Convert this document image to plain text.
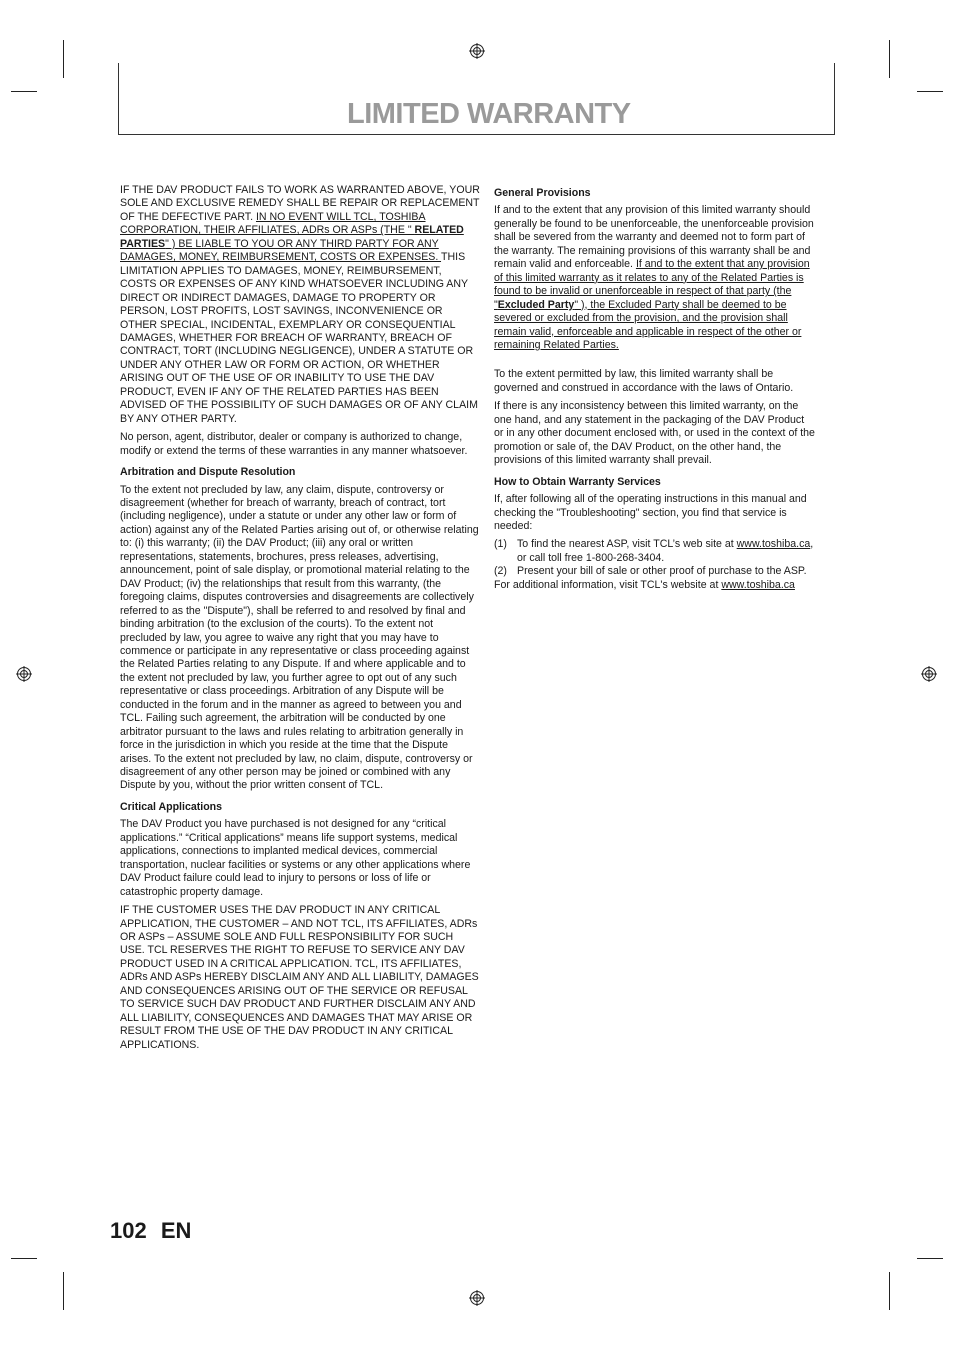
LIMITED WARRANTY

IF THE DAV PRODUCT FAILS TO WORK AS WARRANTED ABOVE, YOUR SOLE AND EXCLUSIVE REMEDY SHALL BE REPAIR OR REPLACEMENT OF THE DEFECTIVE PART. IN NO EVENT WILL TCL, TOSHIBA CORPORATION, THEIR AFFILIATES, ADRs OR ASPs (THE " RELATED PARTIES" ) BE LIABLE TO YOU OR ANY THIRD PARTY FOR ANY DAMAGES, MONEY, REIMBURSEMENT, COSTS OR EXPENSES. THIS LIMITATION APPLIES TO DAMAGES, MONEY, REIMBURSEMENT, COSTS OR EXPENSES OF ANY KIND WHATSOEVER INCLUDING ANY DIRECT OR INDIRECT DAMAGES, DAMAGE TO PROPERTY OR PERSON, LOST PROFITS, LOST SAVINGS, INCONVENIENCE OR OTHER SPECIAL, INCIDENTAL, EXEMPLARY OR CONSEQUENTIAL DAMAGES, WHETHER FOR BREACH OF WARRANTY, BREACH OF CONTRACT, TORT (INCLUDING NEGLIGENCE), UNDER A STATUTE OR UNDER ANY OTHER LAW OR FORM OR ACTION, OR WHETHER ARISING OUT OF THE USE OF OR INABILITY TO USE THE DAV PRODUCT, EVEN IF ANY OF THE RELATED PARTIES HAS BEEN ADVISED OF THE POSSIBILITY OF SUCH DAMAGES OR OF ANY CLAIM BY ANY OTHER PARTY.

No person, agent, distributor, dealer or company is authorized to change, modify or extend the terms of these warranties in any manner whatsoever.

Arbitration and Dispute Resolution

To the extent not precluded by law, any claim, dispute, controversy or disagreement (whether for breach of warranty, breach of contract, tort (including negligence), under a statute or under any other law or form of action) against any of the Related Parties arising out of, or otherwise relating to: (i) this warranty; (ii) the DAV Product; (iii) any oral or written representations, statements, brochures, press releases, advertising, announcement, point of sale display, or promotional material relating to the DAV Product; (iv) the relationships that result from this warranty, (the foregoing claims, disputes controversies and disagreements are collectively referred to as the "Dispute"), shall be referred to and resolved by final and binding arbitration (to the exclusion of the courts). To the extent not precluded by law, you agree to waive any right that you may have to commence or participate in any representative or class proceeding against the Related Parties relating to any Dispute. If and where applicable and to the extent not precluded by law, you further agree to opt out of any such representative or class proceedings. Arbitration of any Dispute will be conducted in the forum and in the manner as agreed to between you and TCL. Failing such agreement, the arbitration will be conducted by one arbitrator pursuant to the laws and rules relating to arbitration generally in force in the jurisdiction in which you reside at the time that the Dispute arises. To the extent not precluded by law, no claim, dispute, controversy or disagreement of any other person may be joined or combined with any Dispute by you, without the prior written consent of TCL.

Critical Applications

The DAV Product you have purchased is not designed for any “critical applications.” “Critical applications” means life support systems, medical applications, connections to implanted medical devices, commercial transportation, nuclear facilities or systems or any other applications where DAV Product failure could lead to injury to persons or loss of life or catastrophic property damage.

IF THE CUSTOMER USES THE DAV PRODUCT IN ANY CRITICAL APPLICATION, THE CUSTOMER – AND NOT TCL, ITS AFFILIATES, ADRs OR ASPs – ASSUME SOLE AND FULL RESPONSIBILITY FOR SUCH USE. TCL RESERVES THE RIGHT TO REFUSE TO SERVICE ANY DAV PRODUCT USED IN A CRITICAL APPLICATION. TCL, ITS AFFILIATES, ADRs AND ASPs HEREBY DISCLAIM ANY AND ALL LIABILITY, DAMAGES AND CONSEQUENCES ARISING OUT OF THE SERVICE OR REFUSAL TO SERVICE SUCH DAV PRODUCT AND FURTHER DISCLAIM ANY AND ALL LIABILITY, CONSEQUENCES AND DAMAGES THAT MAY ARISE OR RESULT FROM THE USE OF THE DAV PRODUCT IN ANY CRITICAL APPLICATIONS.

General Provisions

If and to the extent that any provision of this limited warranty should generally be found to be unenforceable, the unenforceable provision shall be severed from the warranty and deemed not to form part of the warranty. The remaining provisions of this warranty shall be and remain valid and enforceable. If and to the extent that any provision of this limited warranty as it relates to any of the Related Parties is found to be invalid or unenforceable in respect of that party (the "Excluded Party" ), the Excluded Party shall be deemed to be severed or excluded from the provision, and the provision shall remain valid, enforceable and applicable in respect of the other or remaining Related Parties.

To the extent permitted by law, this limited warranty shall be governed and construed in accordance with the laws of Ontario.

If there is any inconsistency between this limited warranty, on the one hand, and any statement in the packaging of the DAV Product or in any other document enclosed with, or used in the context of the promotion or sale of, the DAV Product, on the other hand, the provisions of this limited warranty shall prevail.

How to Obtain Warranty Services

If, after following all of the operating instructions in this manual and checking the "Troubleshooting" section, you find that service is needed:

(1) To find the nearest ASP, visit TCL’s web site at www.toshiba.ca, or call toll free 1-800-268-3404.
(2) Present your bill of sale or other proof of purchase to the ASP.

For additional information, visit TCL's website at www.toshiba.ca

102 EN
